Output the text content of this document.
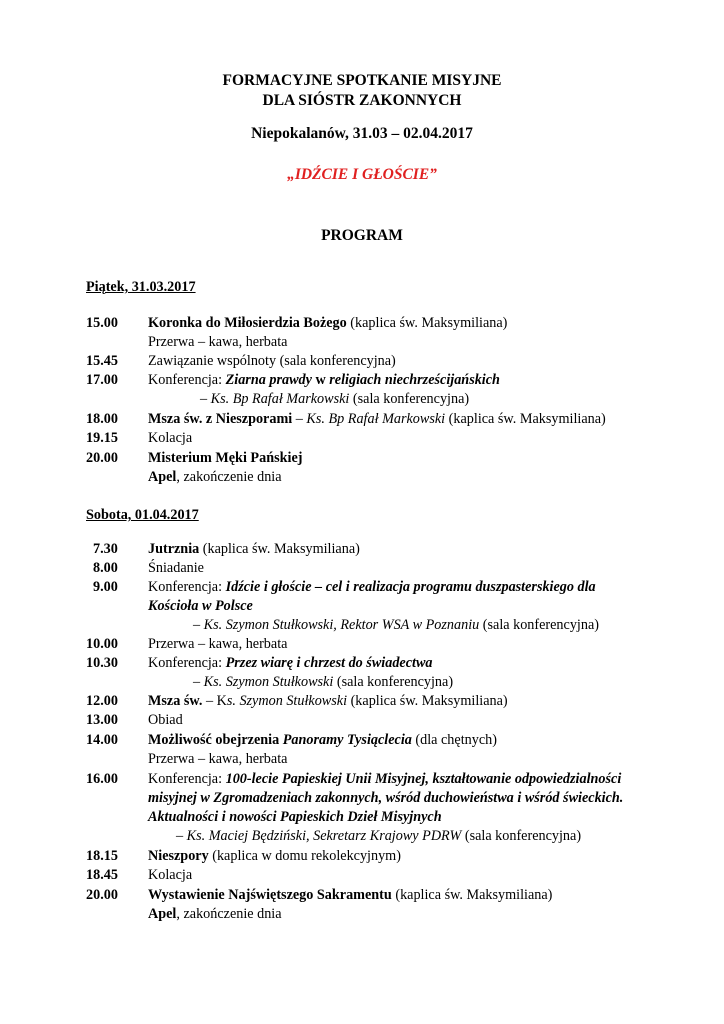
FORMACYJNE SPOTKANIE MISYJNE
DLA SIÓSTR ZAKONNYCH
Niepokalanów, 31.03 – 02.04.2017
„IDŹCIE I GŁOŚCIE”
PROGRAM
Piątek, 31.03.2017
15.00	Koronka do Miłosierdzia Bożego (kaplica św. Maksymiliana)
Przerwa – kawa, herbata
15.45	Zawiązanie wspólnoty (sala konferencyjna)
17.00	Konferencja: Ziarna prawdy w religiach niechrześcijańskich
– Ks. Bp Rafał Markowski (sala konferencyjna)
18.00	Msza św. z Nieszporami – Ks. Bp Rafał Markowski (kaplica św. Maksymiliana)
19.15	Kolacja
20.00	Misterium Męki Pańskiej
Apel, zakończenie dnia
Sobota, 01.04.2017
7.30	Jutrznia (kaplica św. Maksymiliana)
8.00	Śniadanie
9.00	Konferencja: Idźcie i głoście – cel i realizacja programu duszpasterskiego dla
Kościoła w Polsce
– Ks. Szymon Stułkowski, Rektor WSA w Poznaniu (sala konferencyjna)
10.00	Przerwa – kawa, herbata
10.30	Konferencja: Przez wiarę i chrzest do świadectwa
– Ks. Szymon Stułkowski (sala konferencyjna)
12.00	Msza św. – Ks. Szymon Stułkowski (kaplica św. Maksymiliana)
13.00	Obiad
14.00	Możliwość obejrzenia Panoramy Tysiąclecia (dla chętnych)
Przerwa – kawa, herbata
16.00	Konferencja: 100-lecie Papieskiej Unii Misyjnej, kształtowanie odpowiedzialności
misyjnej w Zgromadzeniach zakonnych, wśród duchowieństwa i wśród świeckich.
Aktualności i nowości Papieskich Dzieł Misyjnych
– Ks. Maciej Będziński, Sekretarz Krajowy PDRW (sala konferencyjna)
18.15	Nieszpory (kaplica w domu rekolekcyjnym)
18.45	Kolacja
20.00	Wystawienie Najświętszego Sakramentu (kaplica św. Maksymiliana)
Apel, zakończenie dnia
